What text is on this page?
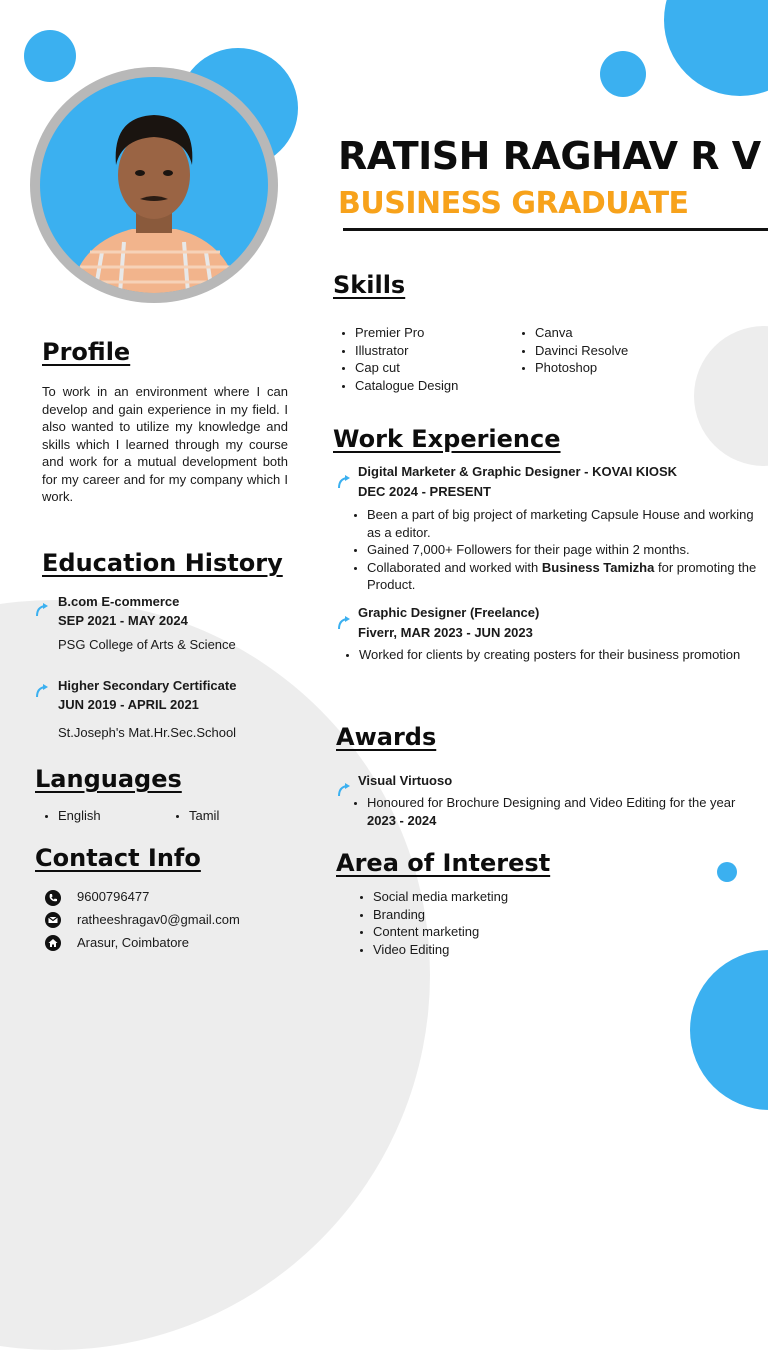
RATISH RAGHAV R V
BUSINESS GRADUATE
Profile
To work in an environment where I can develop and gain experience in my field. I also wanted to utilize my knowledge and skills which I learned through my course and work for a mutual development both for my career and for my company which I work.
Education History
B.com E-commerce
SEP 2021 - MAY 2024
PSG College of Arts & Science
Higher Secondary Certificate
JUN 2019 - APRIL 2021
St.Joseph's Mat.Hr.Sec.School
Languages
• English
•	Tamil
Contact Info
9600796477
ratheeshragav0@gmail.com
Arasur, Coimbatore
Skills
• Premier Pro
• Illustrator
• Cap cut
• Catalogue Design
• Canva
• Davinci Resolve
• Photoshop
Work Experience
Digital Marketer & Graphic Designer - KOVAI KIOSK
DEC 2024 - PRESENT
• Been a part of big project of marketing Capsule House and working as a editor.
• Gained 7,000+ Followers for their page within 2 months.
• Collaborated and worked with Business Tamizha for promoting the Product.
Graphic Designer (Freelance)
Fiverr, MAR 2023 - JUN 2023
• Worked for clients by creating posters for their business promotion
Awards
Visual Virtuoso
• Honoured for Brochure Designing and Video Editing for the year 2023 - 2024
Area of Interest
• Social media marketing
• Branding
• Content marketing
• Video Editing
